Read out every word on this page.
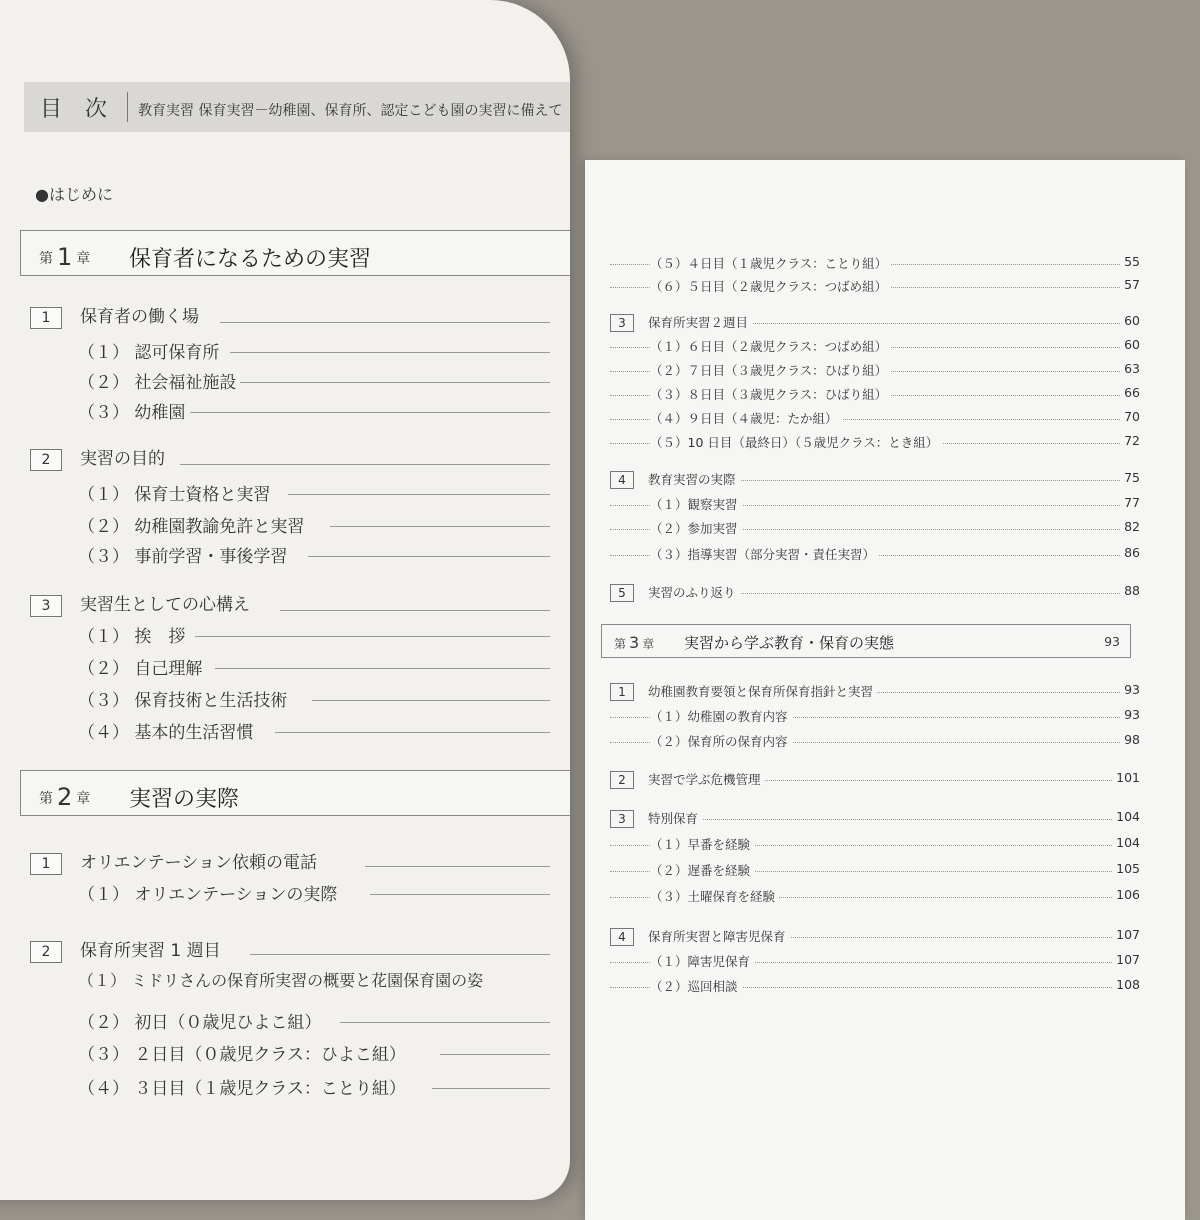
目 次 教育実習 保育実習－幼稚園、保育所、認定こども園の実習に備えて
●はじめに
第 1 章 保育者になるための実習
1 保育者の働く場
（１） 認可保育所
（２） 社会福祉施設
（３） 幼稚園
2 実習の目的
（１） 保育士資格と実習
（２） 幼稚園教諭免許と実習
（３） 事前学習・事後学習
3 実習生としての心構え
（１） 挨　拶
（２） 自己理解
（３） 保育技術と生活技術
（４） 基本的生活習慣
第 2 章 実習の実際
1 オリエンテーション依頼の電話
（１） オリエンテーションの実際
2 保育所実習 1 週目
（１） ミドリさんの保育所実習の概要と花園保育園の姿
（２） 初日（０歳児ひよこ組）
（３） ２日目（０歳児クラス：ひよこ組）
（４） ３日目（１歳児クラス：ことり組）
（５）４日目（１歳児クラス：ことり組）	55
（６）５日目（２歳児クラス：つばめ組）	57
3 保育所実習２週目	60
（１）６日目（２歳児クラス：つばめ組）	60
（２）７日目（３歳児クラス：ひばり組）	63
（３）８日目（３歳児クラス：ひばり組）	66
（４）９日目（４歳児：たか組）	70
（５）10 日目（最終日）（５歳児クラス：とき組）	72
4 教育実習の実際	75
（１）観察実習	77
（２）参加実習	82
（３）指導実習（部分実習・責任実習）	86
5 実習のふり返り	88
第 3 章 実習から学ぶ教育・保育の実態	93
1 幼稚園教育要領と保育所保育指針と実習	93
（１）幼稚園の教育内容	93
（２）保育所の保育内容	98
2 実習で学ぶ危機管理	101
3 特別保育	104
（１）早番を経験	104
（２）遅番を経験	105
（３）土曜保育を経験	106
4 保育所実習と障害児保育	107
（１）障害児保育	107
（２）巡回相談	108
